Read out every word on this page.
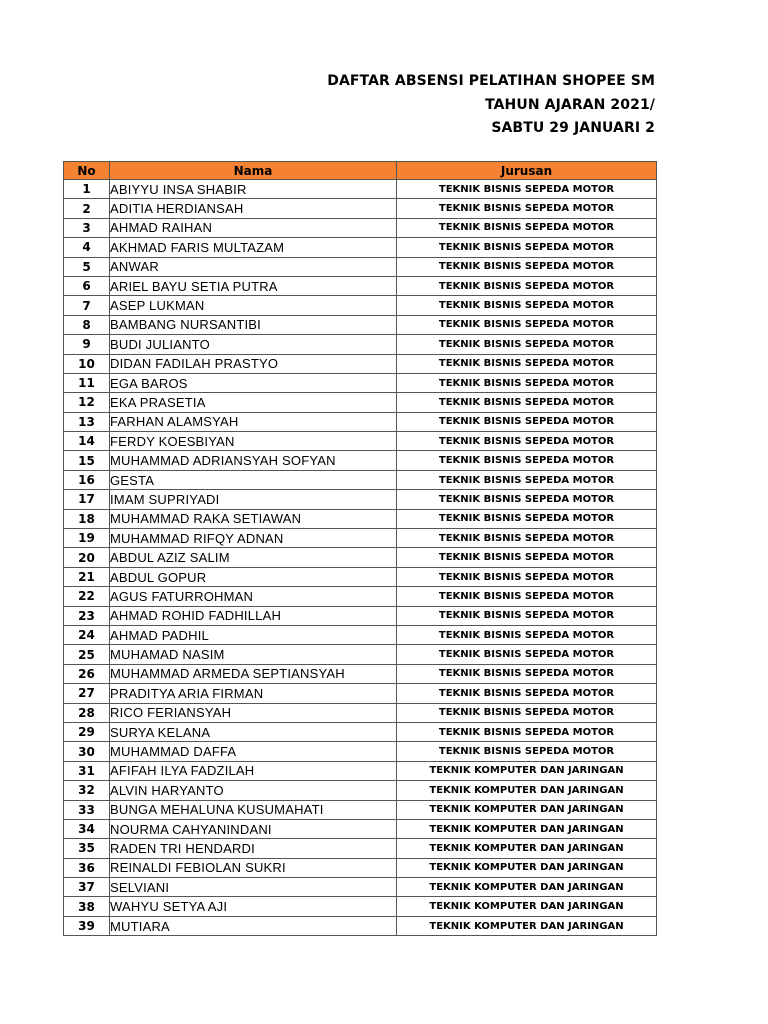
DAFTAR ABSENSI PELATIHAN SHOPEE SM
TAHUN AJARAN 2021/
SABTU 29 JANUARI 2
No	Nama	Jurusan
1	ABIYYU INSA SHABIR	TEKNIK BISNIS SEPEDA MOTOR
2	ADITIA HERDIANSAH	TEKNIK BISNIS SEPEDA MOTOR
3	AHMAD RAIHAN	TEKNIK BISNIS SEPEDA MOTOR
4	AKHMAD FARIS MULTAZAM	TEKNIK BISNIS SEPEDA MOTOR
5	ANWAR	TEKNIK BISNIS SEPEDA MOTOR
6	ARIEL BAYU SETIA PUTRA	TEKNIK BISNIS SEPEDA MOTOR
7	ASEP LUKMAN	TEKNIK BISNIS SEPEDA MOTOR
8	BAMBANG NURSANTIBI	TEKNIK BISNIS SEPEDA MOTOR
9	BUDI JULIANTO	TEKNIK BISNIS SEPEDA MOTOR
10	DIDAN FADILAH PRASTYO	TEKNIK BISNIS SEPEDA MOTOR
11	EGA BAROS	TEKNIK BISNIS SEPEDA MOTOR
12	EKA PRASETIA	TEKNIK BISNIS SEPEDA MOTOR
13	FARHAN ALAMSYAH	TEKNIK BISNIS SEPEDA MOTOR
14	FERDY KOESBIYAN	TEKNIK BISNIS SEPEDA MOTOR
15	MUHAMMAD ADRIANSYAH SOFYAN	TEKNIK BISNIS SEPEDA MOTOR
16	GESTA	TEKNIK BISNIS SEPEDA MOTOR
17	IMAM SUPRIYADI	TEKNIK BISNIS SEPEDA MOTOR
18	MUHAMMAD RAKA SETIAWAN	TEKNIK BISNIS SEPEDA MOTOR
19	MUHAMMAD RIFQY ADNAN	TEKNIK BISNIS SEPEDA MOTOR
20	ABDUL AZIZ SALIM	TEKNIK BISNIS SEPEDA MOTOR
21	ABDUL GOPUR	TEKNIK BISNIS SEPEDA MOTOR
22	AGUS FATURROHMAN	TEKNIK BISNIS SEPEDA MOTOR
23	AHMAD ROHID FADHILLAH	TEKNIK BISNIS SEPEDA MOTOR
24	AHMAD PADHIL	TEKNIK BISNIS SEPEDA MOTOR
25	MUHAMAD NASIM	TEKNIK BISNIS SEPEDA MOTOR
26	MUHAMMAD ARMEDA SEPTIANSYAH	TEKNIK BISNIS SEPEDA MOTOR
27	PRADITYA ARIA FIRMAN	TEKNIK BISNIS SEPEDA MOTOR
28	RICO FERIANSYAH	TEKNIK BISNIS SEPEDA MOTOR
29	SURYA KELANA	TEKNIK BISNIS SEPEDA MOTOR
30	MUHAMMAD DAFFA	TEKNIK BISNIS SEPEDA MOTOR
31	AFIFAH ILYA FADZILAH	TEKNIK KOMPUTER DAN JARINGAN
32	ALVIN HARYANTO	TEKNIK KOMPUTER DAN JARINGAN
33	BUNGA MEHALUNA KUSUMAHATI	TEKNIK KOMPUTER DAN JARINGAN
34	NOURMA CAHYANINDANI	TEKNIK KOMPUTER DAN JARINGAN
35	RADEN TRI HENDARDI	TEKNIK KOMPUTER DAN JARINGAN
36	REINALDI FEBIOLAN SUKRI	TEKNIK KOMPUTER DAN JARINGAN
37	SELVIANI	TEKNIK KOMPUTER DAN JARINGAN
38	WAHYU SETYA AJI	TEKNIK KOMPUTER DAN JARINGAN
39	MUTIARA	TEKNIK KOMPUTER DAN JARINGAN
